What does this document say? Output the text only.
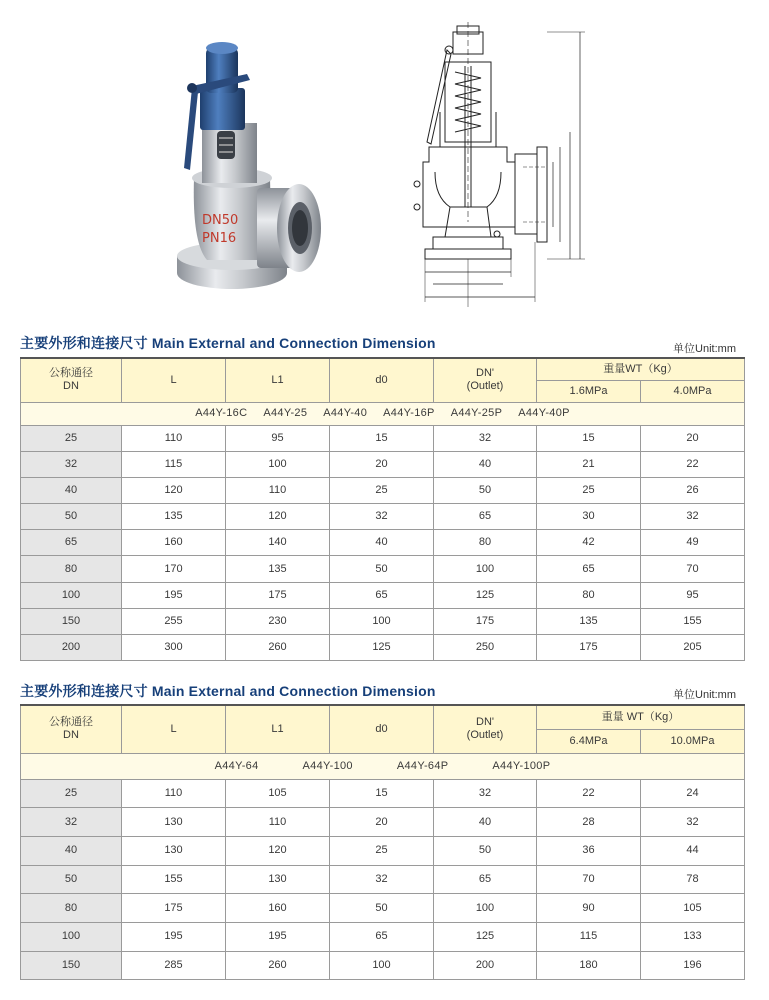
DN50
PN16
主要外形和连接尺寸 Main External and Connection Dimension	单位Unit:mm
公称通径
DN	L	L1	d0	DN'
(Outlet)	重量WT（Kg）	
					1.6MPa	4.0MPa
A44Y-16C A44Y-25 A44Y-40 A44Y-16P A44Y-25P A44Y-40P						
25	110	95	15	32	15	20
32	115	100	20	40	21	22
40	120	110	25	50	25	26
50	135	120	32	65	30	32
65	160	140	40	80	42	49
80	170	135	50	100	65	70
100	195	175	65	125	80	95
150	255	230	100	175	135	155
200	300	260	125	250	175	205
主要外形和连接尺寸 Main External and Connection Dimension	单位Unit:mm
公称通径
DN	L	L1	d0	DN'
(Outlet)	重量 WT（Kg）	
					6.4MPa	10.0MPa
A44Y-64 A44Y-100 A44Y-64P A44Y-100P						
25	110	105	15	32	22	24
32	130	110	20	40	28	32
40	130	120	25	50	36	44
50	155	130	32	65	70	78
80	175	160	50	100	90	105
100	195	195	65	125	115	133
150	285	260	100	200	180	196
